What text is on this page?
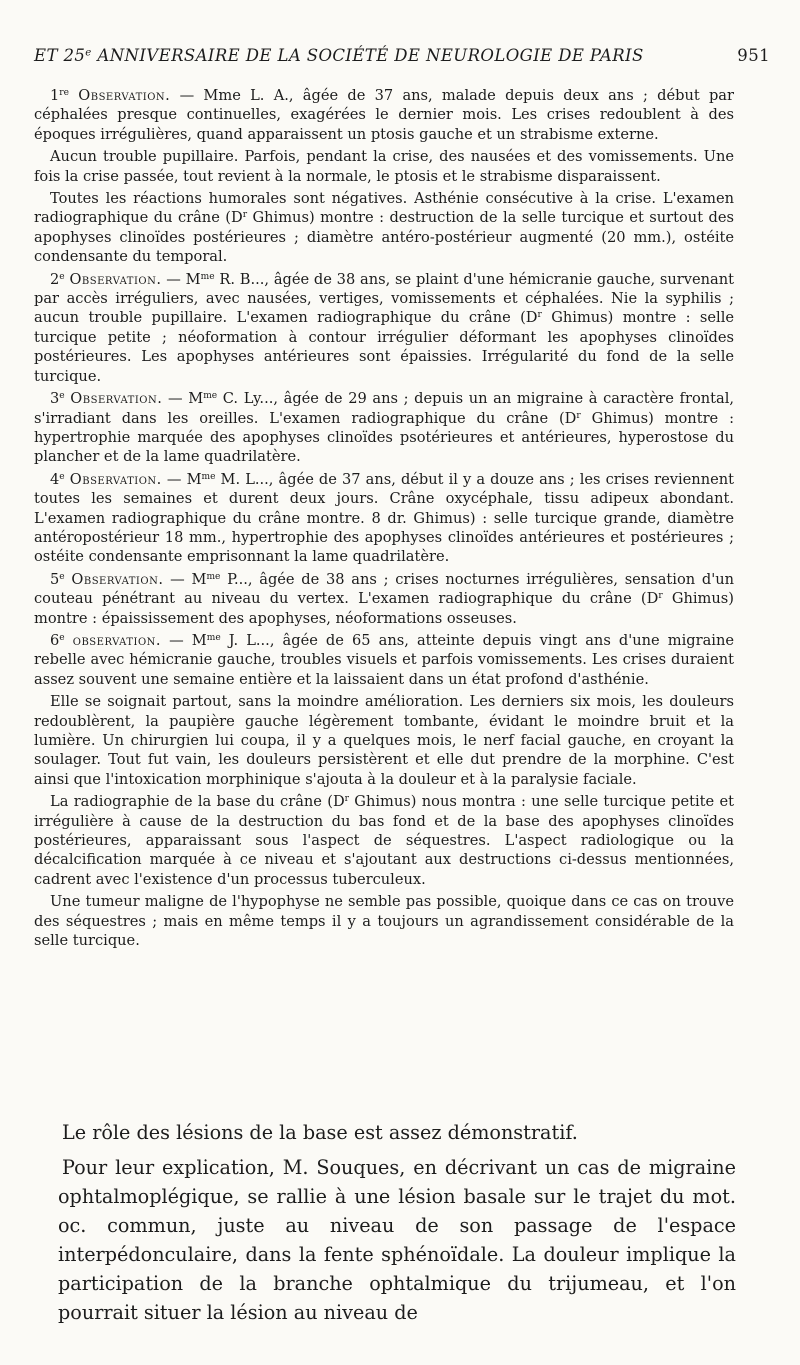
ET 25e ANNIVERSAIRE DE LA SOCIÉTÉ DE NEUROLOGIE DE PARIS	951

1re Observation. — Mme L. A., âgée de 37 ans, malade depuis deux ans ; début par céphalées presque continuelles, exagérées le dernier mois. Les crises redoublent à des époques irrégulières, quand apparaissent un ptosis gauche et un strabisme externe.

Aucun trouble pupillaire. Parfois, pendant la crise, des nausées et des vomissements. Une fois la crise passée, tout revient à la normale, le ptosis et le strabisme disparaissent.

Toutes les réactions humorales sont négatives. Asthénie consécutive à la crise. L'examen radiographique du crâne ($D^r$ Ghimus) montre : destruction de la selle turcique et surtout des apophyses clinoïdes postérieures ; diamètre antéro-postérieur augmenté (20 mm.), ostéite condensante du temporal.

2e Observation. — $M^{me}$ R. B..., âgée de 38 ans, se plaint d'une hémicranie gauche, survenant par accès irréguliers, avec nausées, vertiges, vomissements et céphalées. Nie la syphilis ; aucun trouble pupillaire. L'examen radiographique du crâne ($D^r$ Ghimus) montre : selle turcique petite ; néoformation à contour irrégulier déformant les apophyses clinoïdes postérieures. Les apophyses antérieures sont épaissies. Irrégularité du fond de la selle turcique.

3e Observation. — $M^{me}$ C. Ly..., âgée de 29 ans ; depuis un an migraine à caractère frontal, s'irradiant dans les oreilles. L'examen radiographique du crâne ($D^r$ Ghimus) montre : hypertrophie marquée des apophyses clinoïdes psotérieures et antérieures, hyperostose du plancher et de la lame quadrilatère.

4e Observation. — $M^{me}$ M. L..., âgée de 37 ans, début il y a douze ans ; les crises reviennent toutes les semaines et durent deux jours. Crâne oxycéphale, tissu adipeux abondant. L'examen radiographique du crâne montre. 8 dr. Ghimus) : selle turcique grande, diamètre antéropostérieur 18 mm., hypertrophie des apophyses clinoïdes antérieures et postérieures ; ostéite condensante emprisonnant la lame quadrilatère.

5e Observation. — $M^{me}$ P..., âgée de 38 ans ; crises nocturnes irrégulières, sensation d'un couteau pénétrant au niveau du vertex. L'examen radiographique du crâne ($D^r$ Ghimus) montre : épaississement des apophyses, néoformations osseuses.

6e observation. — $M^{me}$ J. L..., âgée de 65 ans, atteinte depuis vingt ans d'une migraine rebelle avec hémicranie gauche, troubles visuels et parfois vomissements. Les crises duraient assez souvent une semaine entière et la laissaient dans un état profond d'asthénie.

Elle se soignait partout, sans la moindre amélioration. Les derniers six mois, les douleurs redoublèrent, la paupière gauche légèrement tombante, évidant le moindre bruit et la lumière. Un chirurgien lui coupa, il y a quelques mois, le nerf facial gauche, en croyant la soulager. Tout fut vain, les douleurs persistèrent et elle dut prendre de la morphine. C'est ainsi que l'intoxication morphinique s'ajouta à la douleur et à la paralysie faciale.

La radiographie de la base du crâne ($D^r$ Ghimus) nous montra : une selle turcique petite et irrégulière à cause de la destruction du bas fond et de la base des apophyses clinoïdes postérieures, apparaissant sous l'aspect de séquestres. L'aspect radiologique ou la décalcification marquée à ce niveau et s'ajoutant aux destructions ci-dessus mentionnées, cadrent avec l'existence d'un processus tuberculeux.

Une tumeur maligne de l'hypophyse ne semble pas possible, quoique dans ce cas on trouve des séquestres ; mais en même temps il y a toujours un agrandissement considérable de la selle turcique.

Le rôle des lésions de la base est assez démonstratif.

Pour leur explication, M. Souques, en décrivant un cas de migraine ophtalmoplégique, se rallie à une lésion basale sur le trajet du mot. oc. commun, juste au niveau de son passage de l'espace interpédonculaire, dans la fente sphénoïdale. La douleur implique la participation de la branche ophtalmique du trijumeau, et l'on pourrait situer la lésion au niveau de
